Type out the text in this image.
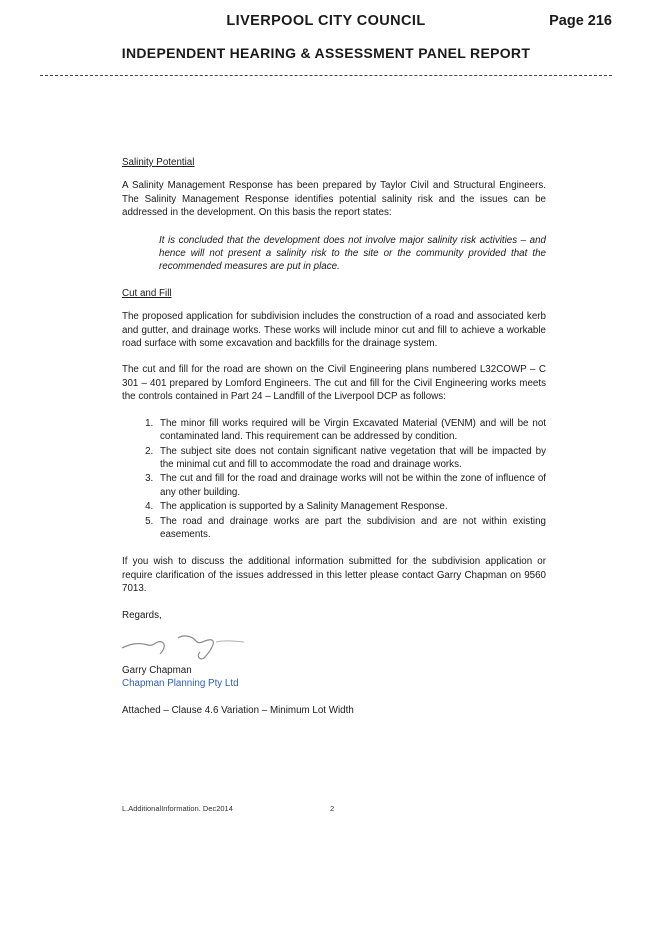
LIVERPOOL CITY COUNCIL	Page 216
INDEPENDENT HEARING & ASSESSMENT PANEL REPORT

Salinity Potential

A Salinity Management Response has been prepared by Taylor Civil and Structural Engineers. The Salinity Management Response identifies potential salinity risk and the issues can be addressed in the development. On this basis the report states:

It is concluded that the development does not involve major salinity risk activities – and hence will not present a salinity risk to the site or the community provided that the recommended measures are put in place.

Cut and Fill

The proposed application for subdivision includes the construction of a road and associated kerb and gutter, and drainage works. These works will include minor cut and fill to achieve a workable road surface with some excavation and backfills for the drainage system.

The cut and fill for the road are shown on the Civil Engineering plans numbered L32COWP – C 301 – 401 prepared by Lomford Engineers. The cut and fill for the Civil Engineering works meets the controls contained in Part 24 – Landfill of the Liverpool DCP as follows:

1. The minor fill works required will be Virgin Excavated Material (VENM) and will be not contaminated land. This requirement can be addressed by condition.
2. The subject site does not contain significant native vegetation that will be impacted by the minimal cut and fill to accommodate the road and drainage works.
3. The cut and fill for the road and drainage works will not be within the zone of influence of any other building.
4. The application is supported by a Salinity Management Response.
5. The road and drainage works are part the subdivision and are not within existing easements.

If you wish to discuss the additional information submitted for the subdivision application or require clarification of the issues addressed in this letter please contact Garry Chapman on 9560 7013.

Regards,

Garry Chapman

Chapman Planning Pty Ltd

Attached – Clause 4.6 Variation – Minimum Lot Width

L.AdditionalInformation. Dec2014	2
